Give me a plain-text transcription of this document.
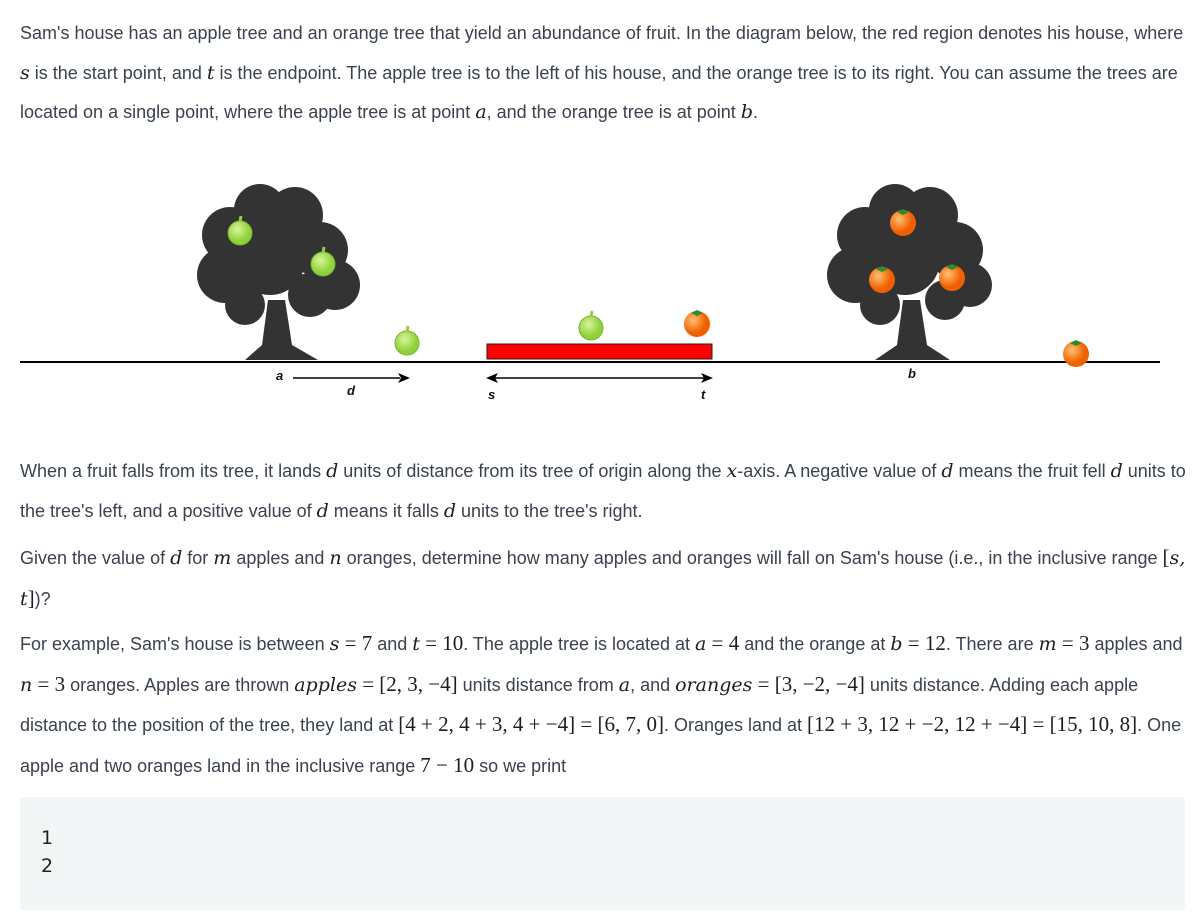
Sam's house has an apple tree and an orange tree that yield an abundance of fruit. In the diagram below, the red region denotes his house, where s is the start point, and t is the endpoint. The apple tree is to the left of his house, and the orange tree is to its right. You can assume the trees are located on a single point, where the apple tree is at point a, and the orange tree is at point b.
a
d	s	t
b
When a fruit falls from its tree, it lands d units of distance from its tree of origin along the x-axis. A negative value of d means the fruit fell d units to the tree's left, and a positive value of d means it falls d units to the tree's right.
Given the value of d for m apples and n oranges, determine how many apples and oranges will fall on Sam's house (i.e., in the inclusive range [s, t])?
For example, Sam's house is between s = 7 and t = 10. The apple tree is located at a = 4 and the orange at b = 12. There are m = 3 apples and n = 3 oranges. Apples are thrown apples = [2, 3, −4] units distance from a, and oranges = [3, −2, −4] units distance. Adding each apple distance to the position of the tree, they land at [4 + 2, 4 + 3, 4 + −4] = [6, 7, 0]. Oranges land at [12 + 3, 12 + −2, 12 + −4] = [15, 10, 8]. One apple and two oranges land in the inclusive range 7 − 10 so we print
1
2
